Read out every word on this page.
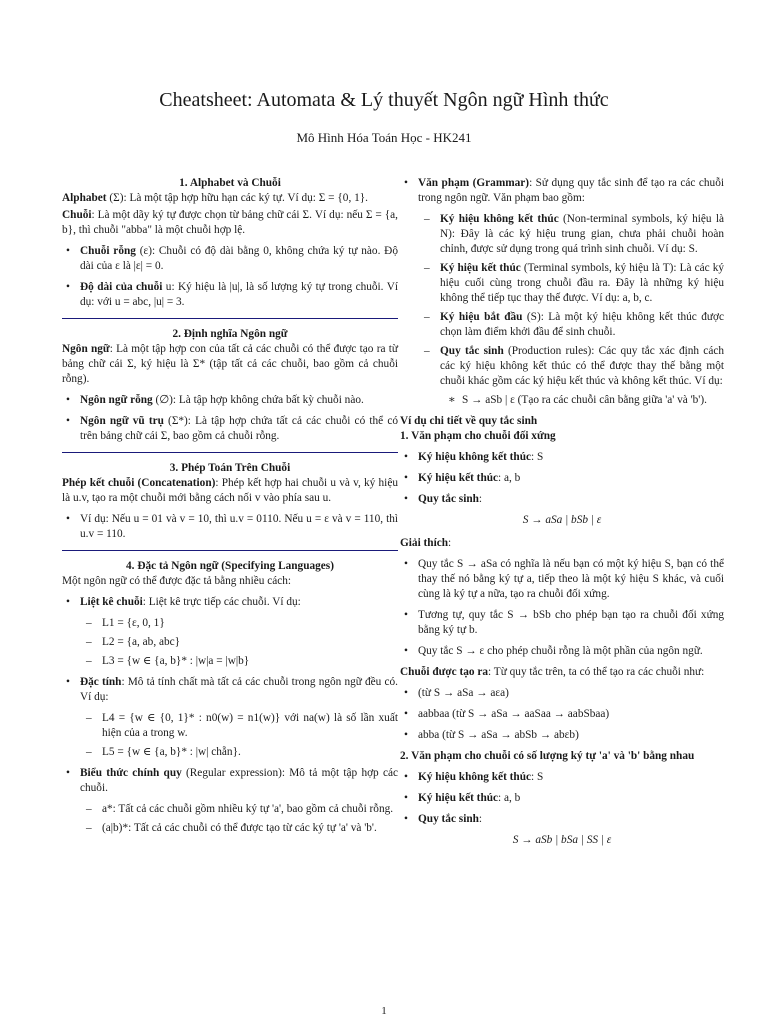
Cheatsheet: Automata & Lý thuyết Ngôn ngữ Hình thức
Mô Hình Hóa Toán Học - HK241
1. Alphabet và Chuỗi

Alphabet (Σ): Là một tập hợp hữu hạn các ký tự. Ví dụ: Σ = {0, 1}.

Chuỗi: Là một dãy ký tự được chọn từ bảng chữ cái Σ. Ví dụ: nếu Σ = {a, b}, thì chuỗi "abba" là một chuỗi hợp lệ.

• Chuỗi rỗng (ε): Chuỗi có độ dài bằng 0, không chứa ký tự nào. Độ dài của ε là |ε| = 0.
• Độ dài của chuỗi u: Ký hiệu là |u|, là số lượng ký tự trong chuỗi. Ví dụ: với u = abc, |u| = 3.
2. Định nghĩa Ngôn ngữ

Ngôn ngữ: Là một tập hợp con của tất cả các chuỗi có thể được tạo ra từ bảng chữ cái Σ, ký hiệu là Σ* (tập tất cả các chuỗi, bao gồm cả chuỗi rỗng).

• Ngôn ngữ rỗng (∅): Là tập hợp không chứa bất kỳ chuỗi nào.
• Ngôn ngữ vũ trụ (Σ*): Là tập hợp chứa tất cả các chuỗi có thể có trên bảng chữ cái Σ, bao gồm cả chuỗi rỗng.
3. Phép Toán Trên Chuỗi

Phép kết chuỗi (Concatenation): Phép kết hợp hai chuỗi u và v, ký hiệu là u.v, tạo ra một chuỗi mới bằng cách nối v vào phía sau u.

• Ví dụ: Nếu u = 01 và v = 10, thì u.v = 0110. Nếu u = ε và v = 110, thì u.v = 110.
4. Đặc tả Ngôn ngữ (Specifying Languages)

Một ngôn ngữ có thể được đặc tả bằng nhiều cách:

• Liệt kê chuỗi: Liệt kê trực tiếp các chuỗi. Ví dụ:
– L1 = {ε, 0, 1}
– L2 = {a, ab, abc}
– L3 = {w ∈ {a, b}* : |w|a = |w|b}
• Đặc tính: Mô tả tính chất mà tất cả các chuỗi trong ngôn ngữ đều có. Ví dụ:
– L4 = {w ∈ {0, 1}* : n0(w) = n1(w)} với na(w) là số lần xuất hiện của a trong w.
– L5 = {w ∈ {a, b}* : |w| chẵn}.
• Biểu thức chính quy (Regular expression): Mô tả một tập hợp các chuỗi.
– a*: Tất cả các chuỗi gồm nhiều ký tự 'a', bao gồm cả chuỗi rỗng.
– (a|b)*: Tất cả các chuỗi có thể được tạo từ các ký tự 'a' và 'b'.
• Văn phạm (Grammar): Sử dụng quy tắc sinh để tạo ra các chuỗi trong ngôn ngữ. Văn phạm bao gồm:
– Ký hiệu không kết thúc (Non-terminal symbols, ký hiệu là N): Đây là các ký hiệu trung gian, chưa phải chuỗi hoàn chỉnh, được sử dụng trong quá trình sinh chuỗi. Ví dụ: S.
– Ký hiệu kết thúc (Terminal symbols, ký hiệu là T): Là các ký hiệu cuối cùng trong chuỗi đầu ra. Đây là những ký hiệu không thể tiếp tục thay thế được. Ví dụ: a, b, c.
– Ký hiệu bắt đầu (S): Là một ký hiệu không kết thúc được chọn làm điểm khởi đầu để sinh chuỗi.
– Quy tắc sinh (Production rules): Các quy tắc xác định cách các ký hiệu không kết thúc có thể được thay thế bằng một chuỗi khác gồm các ký hiệu kết thúc và không kết thúc. Ví dụ:
∗ S → aSb | ε (Tạo ra các chuỗi cân bằng giữa 'a' và 'b').
Ví dụ chi tiết về quy tắc sinh
1. Văn phạm cho chuỗi đối xứng
• Ký hiệu không kết thúc: S
• Ký hiệu kết thúc: a, b
• Quy tắc sinh:
S → aSa | bSb | ε

Giải thích:

• Quy tắc S → aSa có nghĩa là nếu bạn có một ký hiệu S, bạn có thể thay thế nó bằng ký tự a, tiếp theo là một ký hiệu S khác, và cuối cùng là ký tự a nữa, tạo ra chuỗi đối xứng.
• Tương tự, quy tắc S → bSb cho phép bạn tạo ra chuỗi đối xứng bằng ký tự b.
• Quy tắc S → ε cho phép chuỗi rỗng là một phần của ngôn ngữ.

Chuỗi được tạo ra: Từ quy tắc trên, ta có thể tạo ra các chuỗi như:

• (từ S → aSa → aεa)
• aabbaa (từ S → aSa → aaSaa → aabSbaa)
• abba (từ S → aSa → abSb → abεb)
2. Văn phạm cho chuỗi có số lượng ký tự 'a' và 'b' bằng nhau
• Ký hiệu không kết thúc: S
• Ký hiệu kết thúc: a, b
• Quy tắc sinh:
S → aSb | bSa | SS | ε
1
